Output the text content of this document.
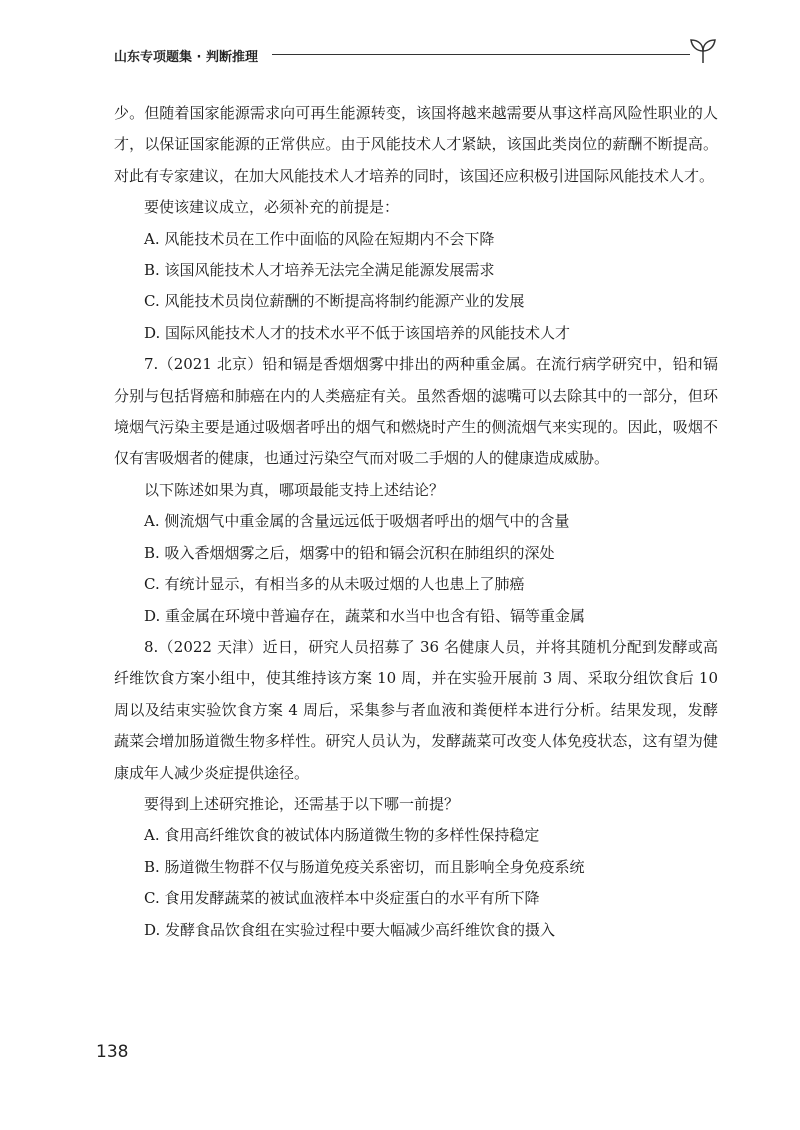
山东专项题集 · 判断推理

少。但随着国家能源需求向可再生能源转变，该国将越来越需要从事这样高风险性职业的人才，以保证国家能源的正常供应。由于风能技术人才紧缺，该国此类岗位的薪酬不断提高。对此有专家建议，在加大风能技术人才培养的同时，该国还应积极引进国际风能技术人才。

要使该建议成立，必须补充的前提是：

A. 风能技术员在工作中面临的风险在短期内不会下降

B. 该国风能技术人才培养无法完全满足能源发展需求

C. 风能技术员岗位薪酬的不断提高将制约能源产业的发展

D. 国际风能技术人才的技术水平不低于该国培养的风能技术人才

7.（2021 北京）铅和镉是香烟烟雾中排出的两种重金属。在流行病学研究中，铅和镉分别与包括肾癌和肺癌在内的人类癌症有关。虽然香烟的滤嘴可以去除其中的一部分，但环境烟气污染主要是通过吸烟者呼出的烟气和燃烧时产生的侧流烟气来实现的。因此，吸烟不仅有害吸烟者的健康，也通过污染空气而对吸二手烟的人的健康造成威胁。

以下陈述如果为真，哪项最能支持上述结论？

A. 侧流烟气中重金属的含量远远低于吸烟者呼出的烟气中的含量

B. 吸入香烟烟雾之后，烟雾中的铅和镉会沉积在肺组织的深处

C. 有统计显示，有相当多的从未吸过烟的人也患上了肺癌

D. 重金属在环境中普遍存在，蔬菜和水当中也含有铅、镉等重金属

8.（2022 天津）近日，研究人员招募了 36 名健康人员，并将其随机分配到发酵或高纤维饮食方案小组中，使其维持该方案 10 周，并在实验开展前 3 周、采取分组饮食后 10 周以及结束实验饮食方案 4 周后，采集参与者血液和粪便样本进行分析。结果发现，发酵蔬菜会增加肠道微生物多样性。研究人员认为，发酵蔬菜可改变人体免疫状态，这有望为健康成年人减少炎症提供途径。

要得到上述研究推论，还需基于以下哪一前提？

A. 食用高纤维饮食的被试体内肠道微生物的多样性保持稳定

B. 肠道微生物群不仅与肠道免疫关系密切，而且影响全身免疫系统

C. 食用发酵蔬菜的被试血液样本中炎症蛋白的水平有所下降

D. 发酵食品饮食组在实验过程中要大幅减少高纤维饮食的摄入

138
